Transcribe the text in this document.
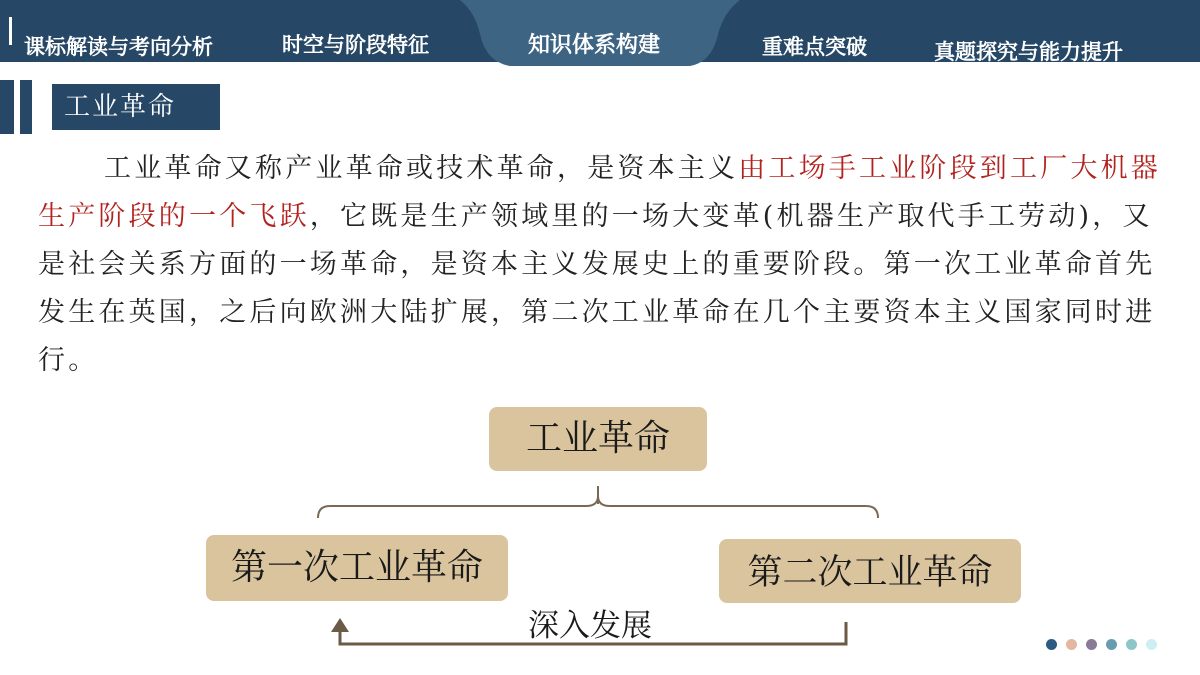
课标解读与考向分析	时空与阶段特征	知识体系构建	重难点突破	真题探究与能力提升
工业革命
工业革命又称产业革命或技术革命，是资本主义由工场手工业阶段到工厂大机器生产阶段的一个飞跃，它既是生产领域里的一场大变革(机器生产取代手工劳动)，又是社会关系方面的一场革命，是资本主义发展史上的重要阶段。第一次工业革命首先发生在英国，之后向欧洲大陆扩展，第二次工业革命在几个主要资本主义国家同时进行。
工业革命
第一次工业革命	第二次工业革命
深入发展
